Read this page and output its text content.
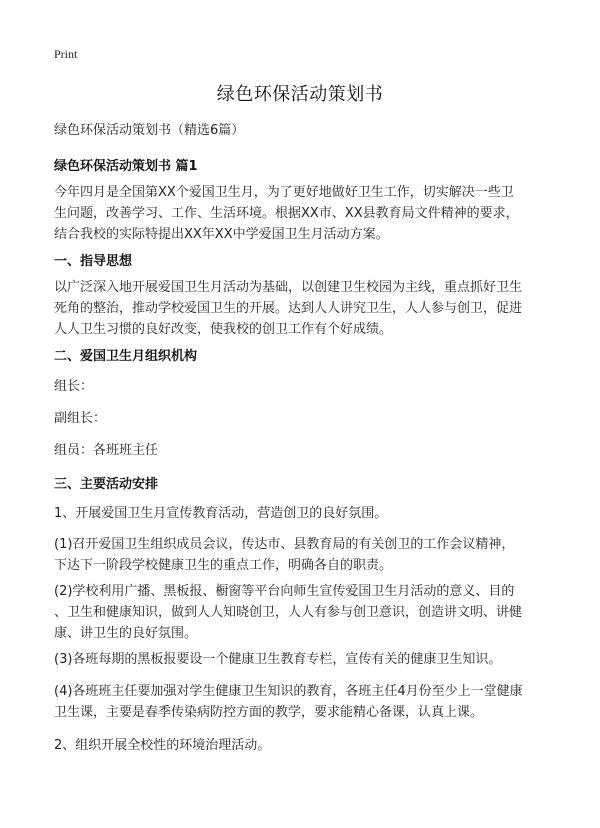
Print
绿色环保活动策划书
绿色环保活动策划书（精选6篇）
绿色环保活动策划书 篇1
今年四月是全国第XX个爱国卫生月，为了更好地做好卫生工作，切实解决一些卫
生问题，改善学习、工作、生活环境。根据XX市、XX县教育局文件精神的要求，
结合我校的实际特提出XX年XX中学爱国卫生月活动方案。
一、指导思想
以广泛深入地开展爱国卫生月活动为基础，以创建卫生校园为主线，重点抓好卫生
死角的整治，推动学校爱国卫生的开展。达到人人讲究卫生，人人参与创卫，促进
人人卫生习惯的良好改变，使我校的创卫工作有个好成绩。
二、爱国卫生月组织机构
组长：
副组长：
组员：各班班主任
三、主要活动安排
1、开展爱国卫生月宣传教育活动，营造创卫的良好氛围。
(1)召开爱国卫生组织成员会议，传达市、县教育局的有关创卫的工作会议精神，
下达下一阶段学校健康卫生的重点工作，明确各自的职责。
(2)学校利用广播、黑板报、橱窗等平台向师生宣传爱国卫生月活动的意义、目的
、卫生和健康知识，做到人人知晓创卫，人人有参与创卫意识，创造讲文明、讲健
康、讲卫生的良好氛围。
(3)各班每期的黑板报要设一个健康卫生教育专栏，宣传有关的健康卫生知识。
(4)各班班主任要加强对学生健康卫生知识的教育，各班主任4月份至少上一堂健康
卫生课，主要是春季传染病防控方面的教学，要求能精心备课，认真上课。
2、组织开展全校性的环境治理活动。
